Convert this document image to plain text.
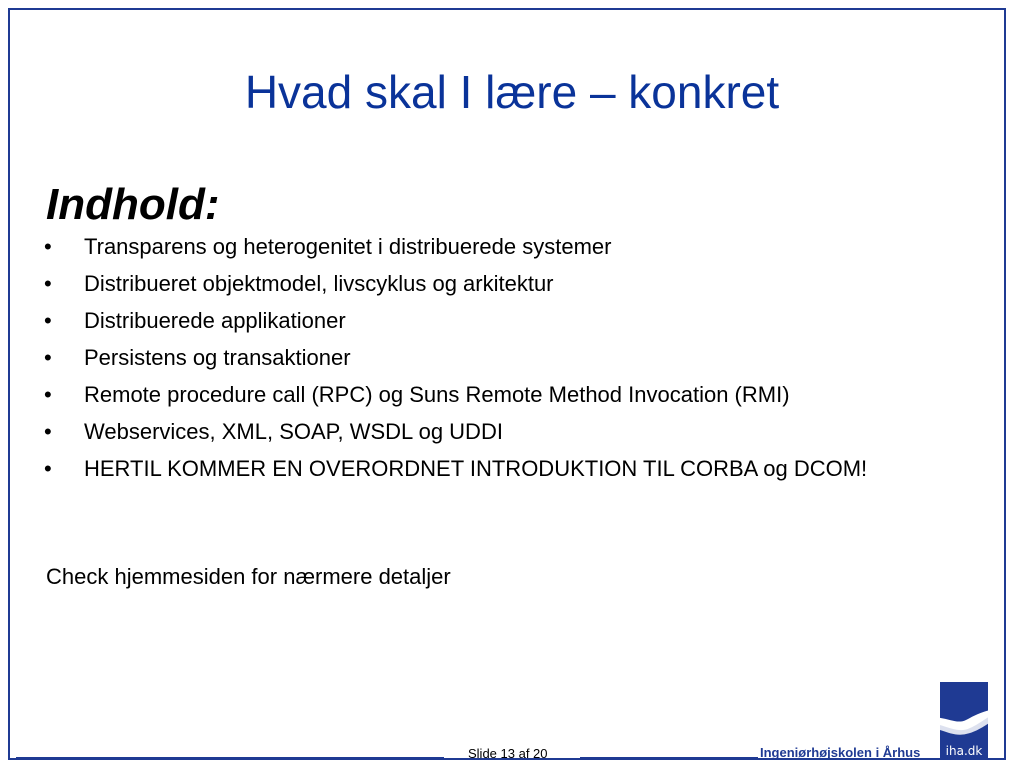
Hvad skal I lære – konkret
Indhold:
•	Transparens og heterogenitet i distribuerede systemer
•	Distribueret objektmodel, livscyklus og arkitektur
•	Distribuerede applikationer
•	Persistens og transaktioner
•	Remote procedure call (RPC) og Suns Remote Method Invocation (RMI)
•	Webservices, XML, SOAP, WSDL og UDDI
•	HERTIL KOMMER EN OVERORDNET INTRODUKTION TIL CORBA og DCOM!
Check hjemmesiden for nærmere detaljer
Slide 13 af 20	Ingeniørhøjskolen i Århus	iha.dk
